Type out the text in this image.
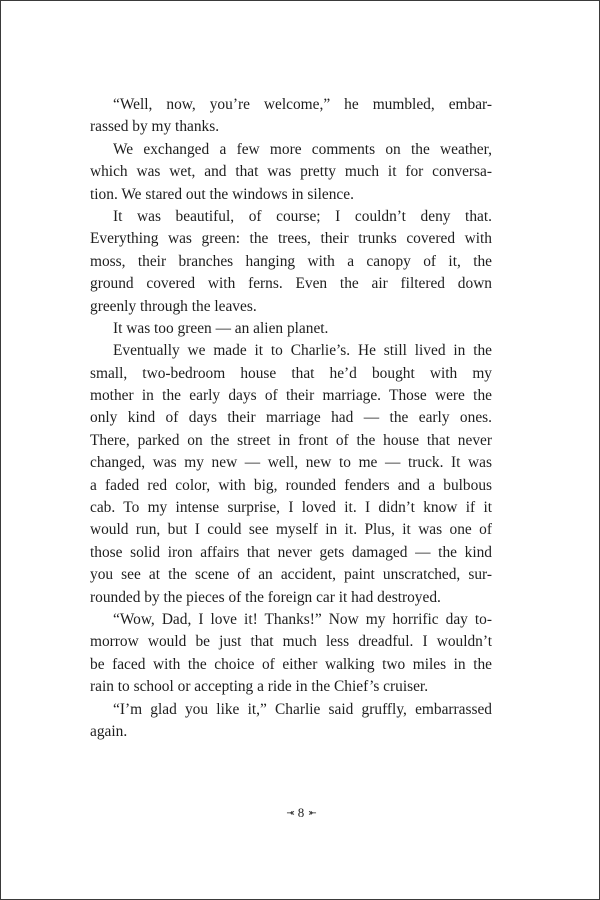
“Well, now, you’re welcome,” he mumbled, embar-
rassed by my thanks.
We exchanged a few more comments on the weather,
which was wet, and that was pretty much it for conversa-
tion. We stared out the windows in silence.
It was beautiful, of course; I couldn’t deny that.
Everything was green: the trees, their trunks covered with
moss, their branches hanging with a canopy of it, the
ground covered with ferns. Even the air filtered down
greenly through the leaves.
It was too green — an alien planet.
Eventually we made it to Charlie’s. He still lived in the
small, two-bedroom house that he’d bought with my
mother in the early days of their marriage. Those were the
only kind of days their marriage had — the early ones.
There, parked on the street in front of the house that never
changed, was my new — well, new to me — truck. It was
a faded red color, with big, rounded fenders and a bulbous
cab. To my intense surprise, I loved it. I didn’t know if it
would run, but I could see myself in it. Plus, it was one of
those solid iron affairs that never gets damaged — the kind
you see at the scene of an accident, paint unscratched, sur-
rounded by the pieces of the foreign car it had destroyed.
“Wow, Dad, I love it! Thanks!” Now my horrific day to-
morrow would be just that much less dreadful. I wouldn’t
be faced with the choice of either walking two miles in the
rain to school or accepting a ride in the Chief’s cruiser.
“I’m glad you like it,” Charlie said gruffly, embarrassed
again.
⤛ 8 ⤜
